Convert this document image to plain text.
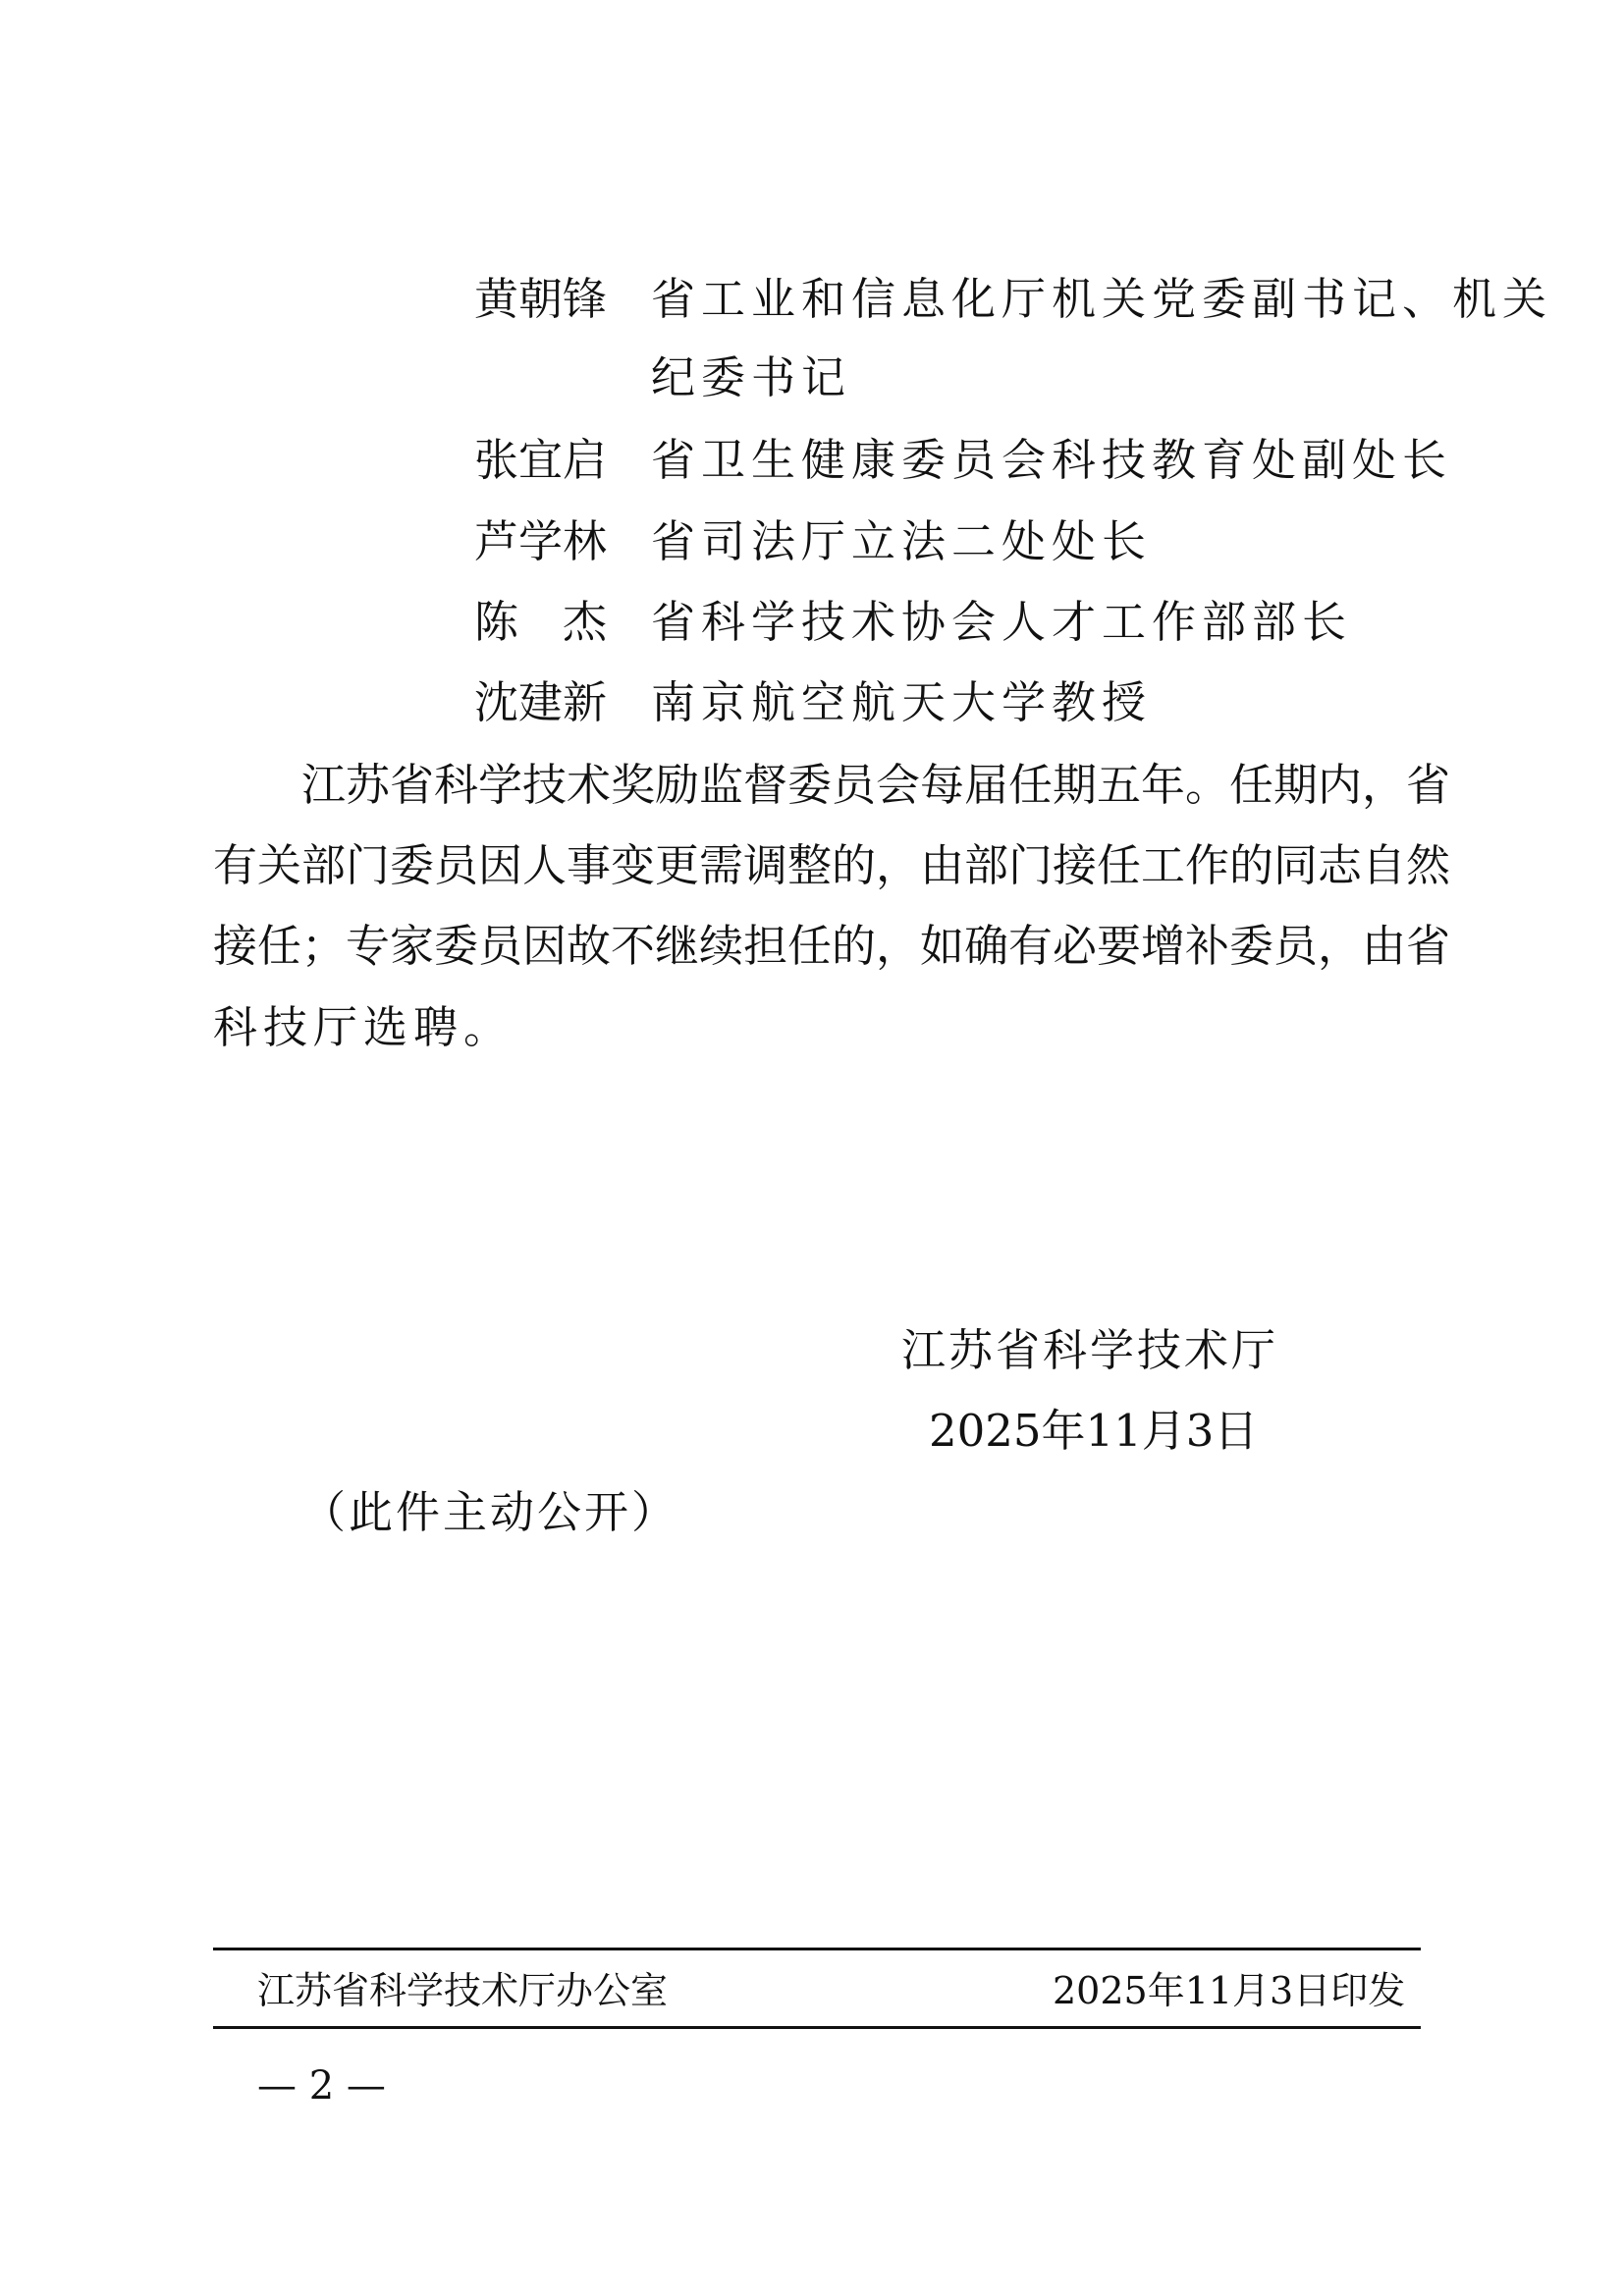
黄朝锋 省工业和信息化厅机关党委副书记、机关
纪委书记
张宜启 省卫生健康委员会科技教育处副处长
芦学林 省司法厅立法二处处长
陈　杰 省科学技术协会人才工作部部长
沈建新 南京航空航天大学教授
江苏省科学技术奖励监督委员会每届任期五年。任期内，省
有关部门委员因人事变更需调整的，由部门接任工作的同志自然
接任；专家委员因故不继续担任的，如确有必要增补委员，由省
科技厅选聘。
江苏省科学技术厅
2025年11月3日
（此件主动公开）
江苏省科学技术厅办公室	2025年11月3日印发
— 2 —
